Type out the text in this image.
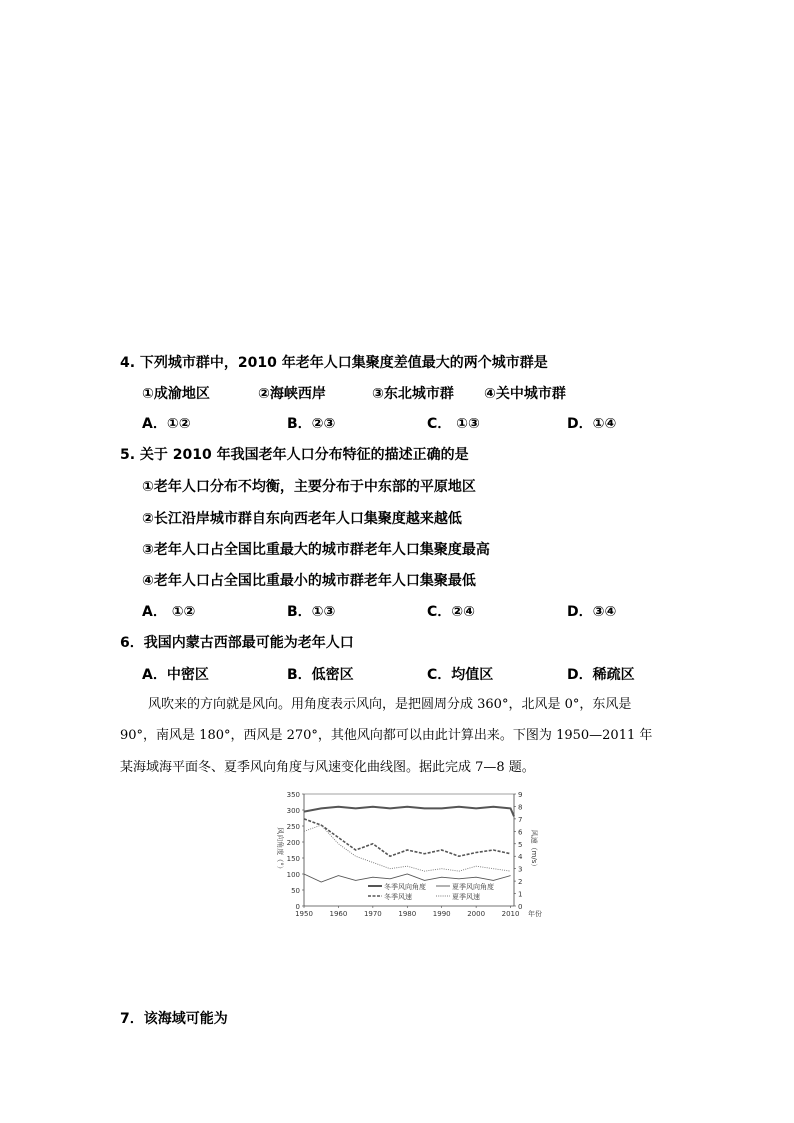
4. 下列城市群中，2010 年老年人口集聚度差值最大的两个城市群是
①成渝地区	②海峡西岸	③东北城市群 ④关中城市群
A．①②	B．②③	C． ①③	D．①④
5. 关于 2010 年我国老年人口分布特征的描述正确的是
①老年人口分布不均衡，主要分布于中东部的平原地区
②长江沿岸城市群自东向西老年人口集聚度越来越低
③老年人口占全国比重最大的城市群老年人口集聚度最高
④老年人口占全国比重最小的城市群老年人口集聚最低
A． ①②	B．①③	C．②④	D．③④
6．我国内蒙古西部最可能为老年人口
A．中密区	B．低密区	C．均值区	D．稀疏区
风吹来的方向就是风向。用角度表示风向，是把圆周分成 360°，北风是 0°，东风是
90°，南风是 180°，西风是 270°，其他风向都可以由此计算出来。下图为 1950—2011 年
某海域海平面冬、夏季风向角度与风速变化曲线图。据此完成 7—8 题。
0
50
100
150
200
250
300
350
0
1
2
3
4
5
6
7
8
9
1950 1960 1970 1980 1990 2000 2010 年份
风向角度（°）	风速（m/s）
冬季风向角度	夏季风向角度
冬季风速	夏季风速
7．该海域可能为
